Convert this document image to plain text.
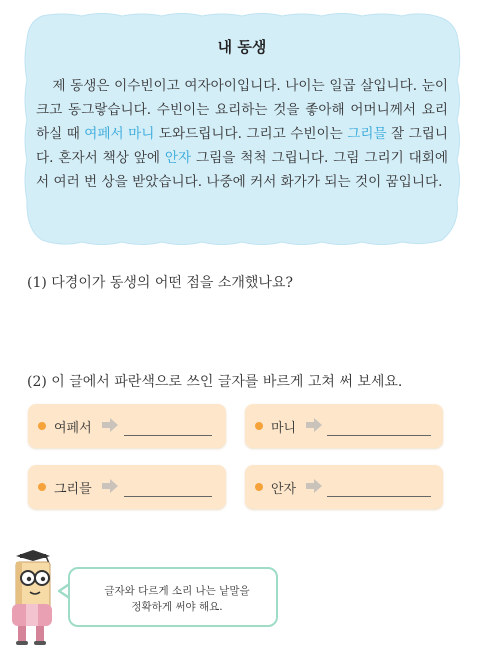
내 동생
제 동생은 이수빈이고 여자아이입니다. 나이는 일곱 살입니다. 눈이 크고 동그랗습니다. 수빈이는 요리하는 것을 좋아해 어머니께서 요리하실 때 여페서 마니 도와드립니다. 그리고 수빈이는 그리믈 잘 그립니다. 혼자서 책상 앞에 안자 그림을 척척 그립니다. 그림 그리기 대회에서 여러 번 상을 받았습니다. 나중에 커서 화가가 되는 것이 꿈입니다.
(1) 다경이가 동생의 어떤 점을 소개했나요?
(2) 이 글에서 파란색으로 쓰인 글자를 바르게 고쳐 써 보세요.
여페서	마니
그리믈	안자
글자와 다르게 소리 나는 낱말을
정확하게 써야 해요.
